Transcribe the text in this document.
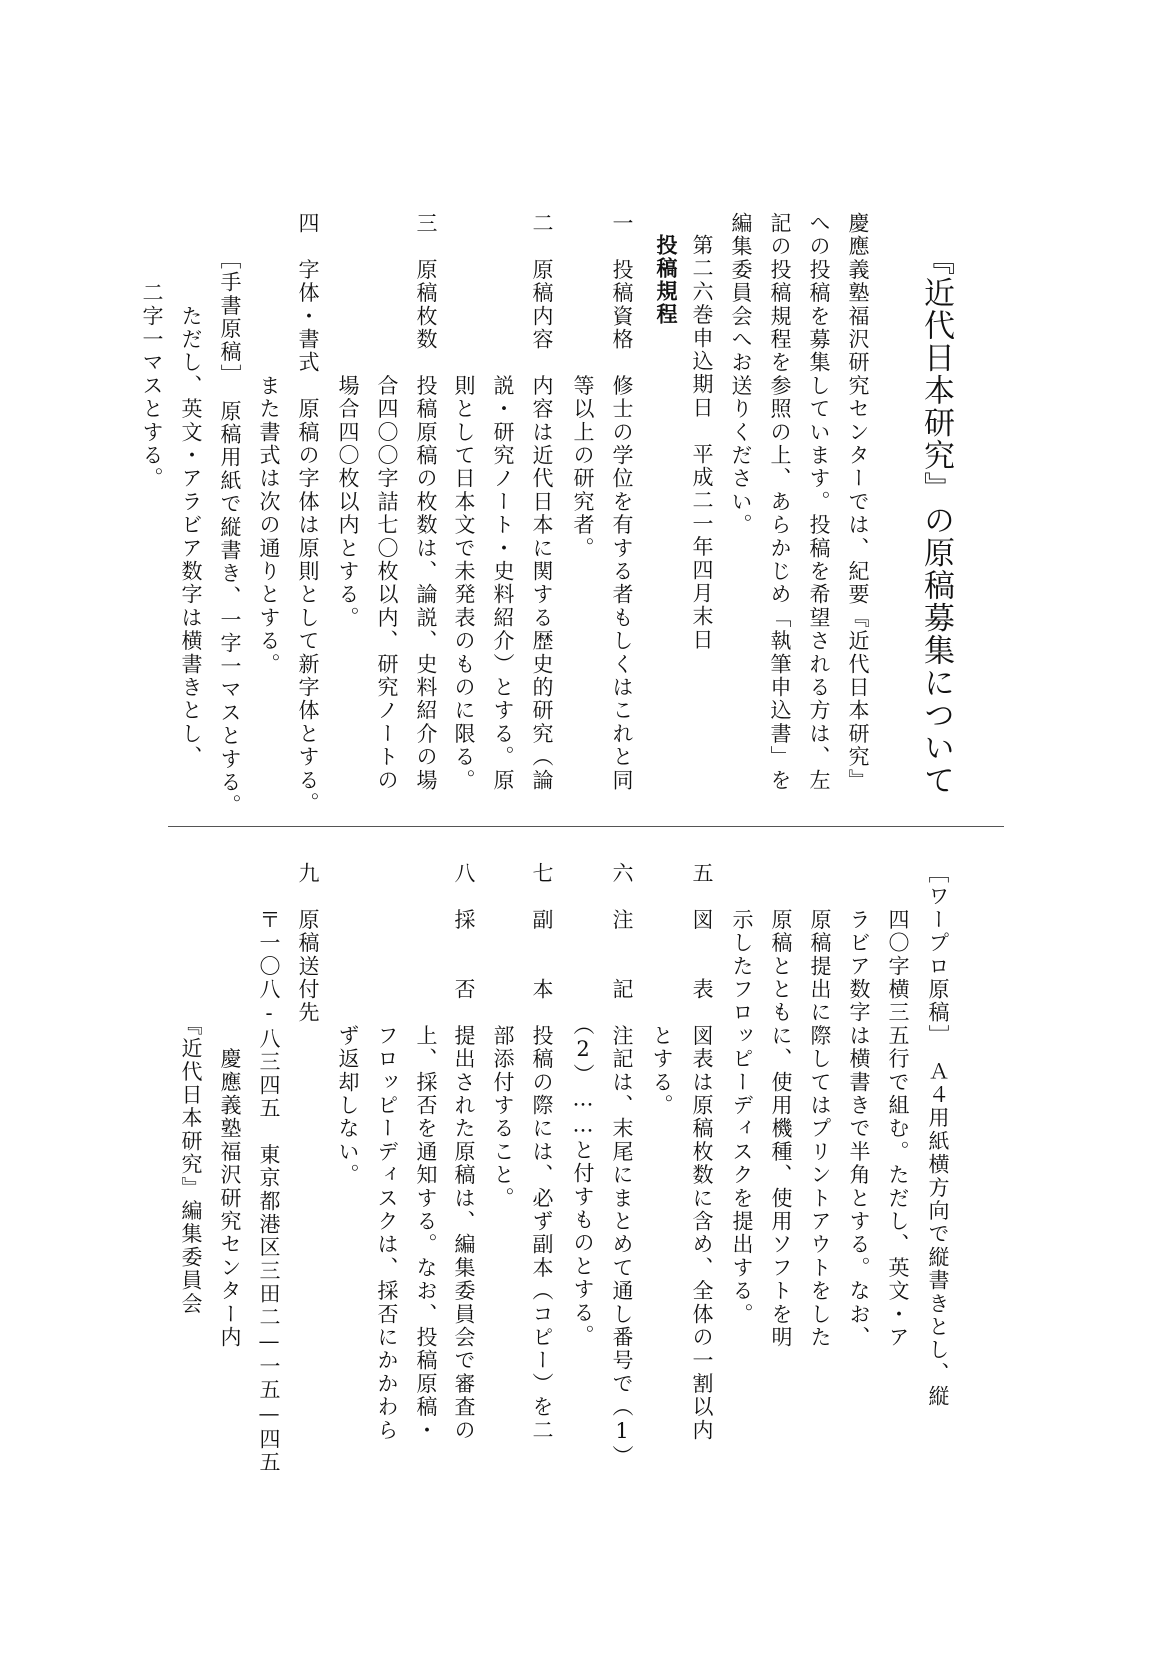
『近代日本研究』の原稿募集について
慶應義塾福沢研究センターでは、紀要『近代日本研究』
への投稿を募集しています。投稿を希望される方は、左
記の投稿規程を参照の上、あらかじめ「執筆申込書」を
編集委員会へお送りください。
第二六巻申込期日　平成二一年四月末日
投稿規程
一　投稿資格　修士の学位を有する者もしくはこれと同
　　　　　　　等以上の研究者。
二　原稿内容　内容は近代日本に関する歴史的研究（論
　　　　　　　説・研究ノート・史料紹介）とする。原
　　　　　　　則として日本文で未発表のものに限る。
三　原稿枚数　投稿原稿の枚数は、論説、史料紹介の場
　　　　　　　合四〇〇字詰七〇枚以内、研究ノートの
　　　　　　　場合四〇枚以内とする。
四　字体・書式　原稿の字体は原則として新字体とする。
　　　　　　　また書式は次の通りとする。
　　［手書原稿］　原稿用紙で縦書き、一字一マスとする。
　　　　ただし、英文・アラビア数字は横書きとし、
　　　二字一マスとする。
［ワープロ原稿］　Ａ４用紙横方向で縦書きとし、縦
　　四〇字横三五行で組む。ただし、英文・ア
　　ラビア数字は横書きで半角とする。なお、
　　原稿提出に際してはプリントアウトをした
　　原稿とともに、使用機種、使用ソフトを明
　　示したフロッピーディスクを提出する。
五　図　　表　図表は原稿枚数に含め、全体の一割以内
　　　　　　　とする。
六　注　　記　注記は、末尾にまとめて通し番号で（1）
　　　　　　　（2）……と付すものとする。
七　副　　本　投稿の際には、必ず副本（コピー）を二
　　　　　　　部添付すること。
八　採　　否　提出された原稿は、編集委員会で審査の
　　　　　　　上、採否を通知する。なお、投稿原稿・
　　　　　　　フロッピーディスクは、採否にかかわら
　　　　　　　ず返却しない。
九　原稿送付先
　　〒一〇八-八三四五　東京都港区三田二—一五—四五
　　　　　　　　慶應義塾福沢研究センター内
　　　　　　　『近代日本研究』編集委員会
